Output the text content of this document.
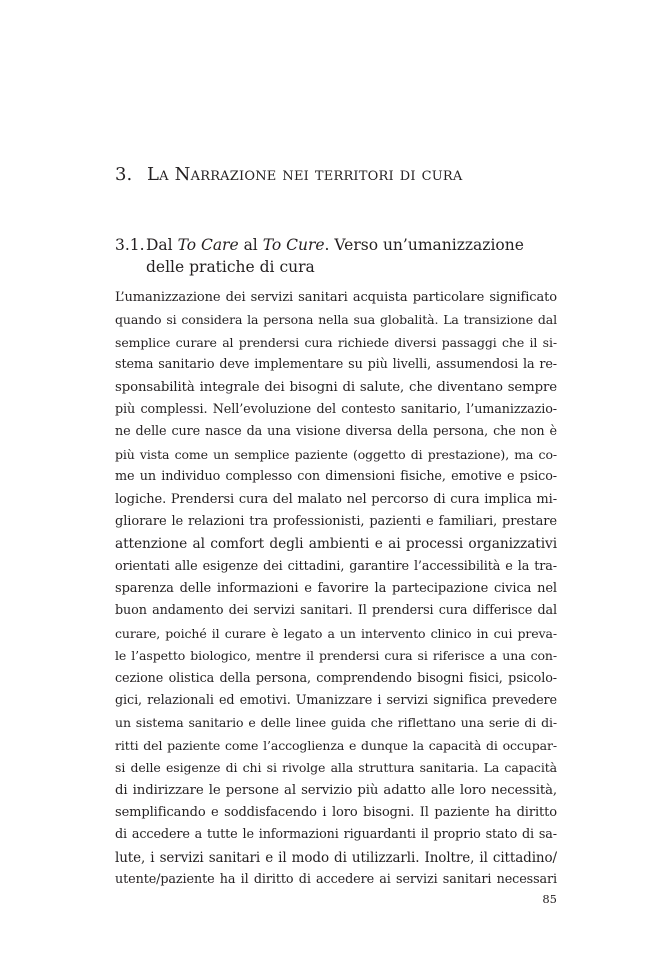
3. La Narrazione nei territori di cura
3.1. Dal To Care al To Cure. Verso un’umanizzazione
delle pratiche di cura
L’umanizzazione dei servizi sanitari acquista particolare significato
quando si considera la persona nella sua globalità. La transizione dal
semplice curare al prendersi cura richiede diversi passaggi che il si-
stema sanitario deve implementare su più livelli, assumendosi la re-
sponsabilità integrale dei bisogni di salute, che diventano sempre
più complessi. Nell’evoluzione del contesto sanitario, l’umanizzazio-
ne delle cure nasce da una visione diversa della persona, che non è
più vista come un semplice paziente (oggetto di prestazione), ma co-
me un individuo complesso con dimensioni fisiche, emotive e psico-
logiche. Prendersi cura del malato nel percorso di cura implica mi-
gliorare le relazioni tra professionisti, pazienti e familiari, prestare
attenzione al comfort degli ambienti e ai processi organizzativi
orientati alle esigenze dei cittadini, garantire l’accessibilità e la tra-
sparenza delle informazioni e favorire la partecipazione civica nel
buon andamento dei servizi sanitari. Il prendersi cura differisce dal
curare, poiché il curare è legato a un intervento clinico in cui preva-
le l’aspetto biologico, mentre il prendersi cura si riferisce a una con-
cezione olistica della persona, comprendendo bisogni fisici, psicolo-
gici, relazionali ed emotivi. Umanizzare i servizi significa prevedere
un sistema sanitario e delle linee guida che riflettano una serie di di-
ritti del paziente come l’accoglienza e dunque la capacità di occupar-
si delle esigenze di chi si rivolge alla struttura sanitaria. La capacità
di indirizzare le persone al servizio più adatto alle loro necessità,
semplificando e soddisfacendo i loro bisogni. Il paziente ha diritto
di accedere a tutte le informazioni riguardanti il proprio stato di sa-
lute, i servizi sanitari e il modo di utilizzarli. Inoltre, il cittadino/
utente/paziente ha il diritto di accedere ai servizi sanitari necessari
85
